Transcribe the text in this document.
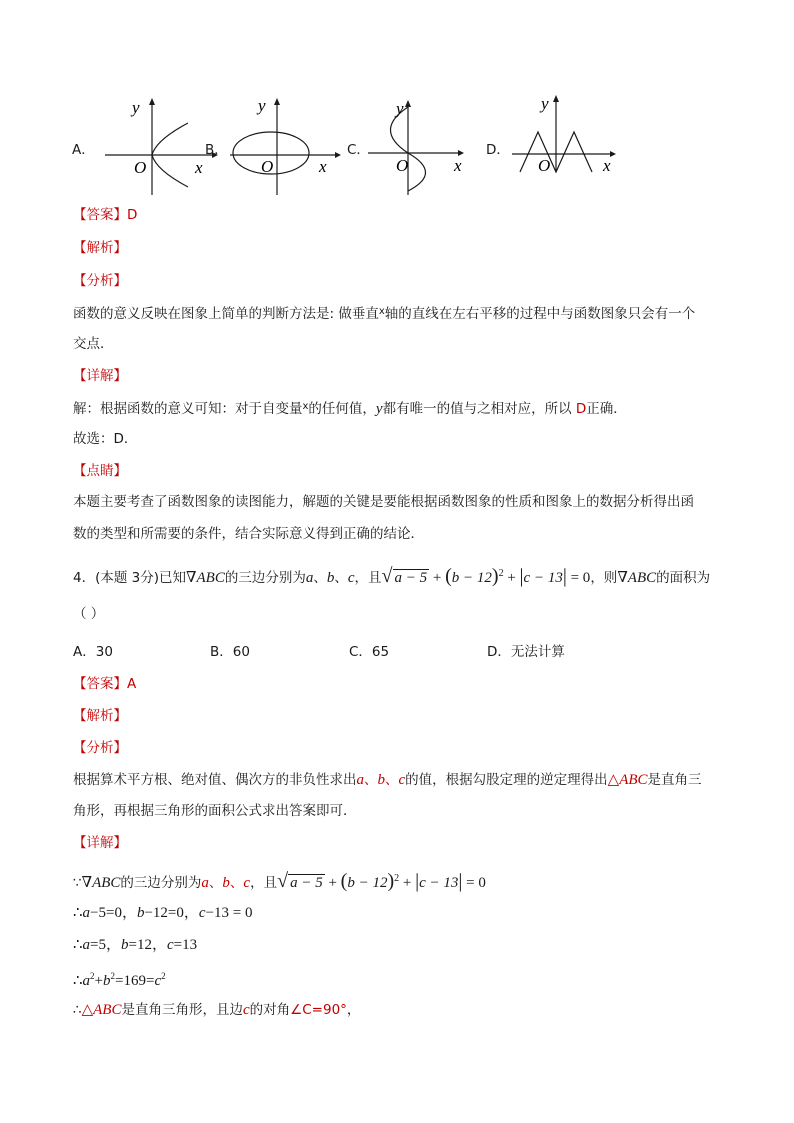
A．
y
O	x
B．
y
O	x
C．
y
O	x
D．
y
O	x
【答案】D
【解析】
【分析】
函数的意义反映在图象上简单的判断方法是: 做垂直$^x$轴的直线在左右平移的过程中与函数图象只会有一个
交点．
【详解】
解：根据函数的意义可知：对于自变量$^x$的任何值，y都有唯一的值与之相对应，所以 D正确．
故选：D．
【点睛】
本题主要考查了函数图象的读图能力，解题的关键是要能根据函数图象的性质和图象上的数据分析得出函
数的类型和所需要的条件，结合实际意义得到正确的结论．
4．(本题 3分)已知∇ABC的三边分别为a、b、c，且√ $a - 5 + (b - 12)^2 + |c - 13| = 0$，则∇ABC的面积为
（ ）
A．30	B．60	C．65	D．无法计算
【答案】A
【解析】
【分析】
根据算术平方根、绝对值、偶次方的非负性求出a、b、c的值，根据勾股定理的逆定理得出△ABC是直角三
角形，再根据三角形的面积公式求出答案即可．
【详解】
∵∇ABC的三边分别为a、b、c，且√ $a - 5 + (b - 12)^2 + |c - 13| = 0$
∴a−5=0，b−12=0，c−13 = 0
∴a=5，b=12，c=13
$\therefore a^2+b^2=169=c^2$
∴△ABC是直角三角形，且边c的对角∠C=90°，
